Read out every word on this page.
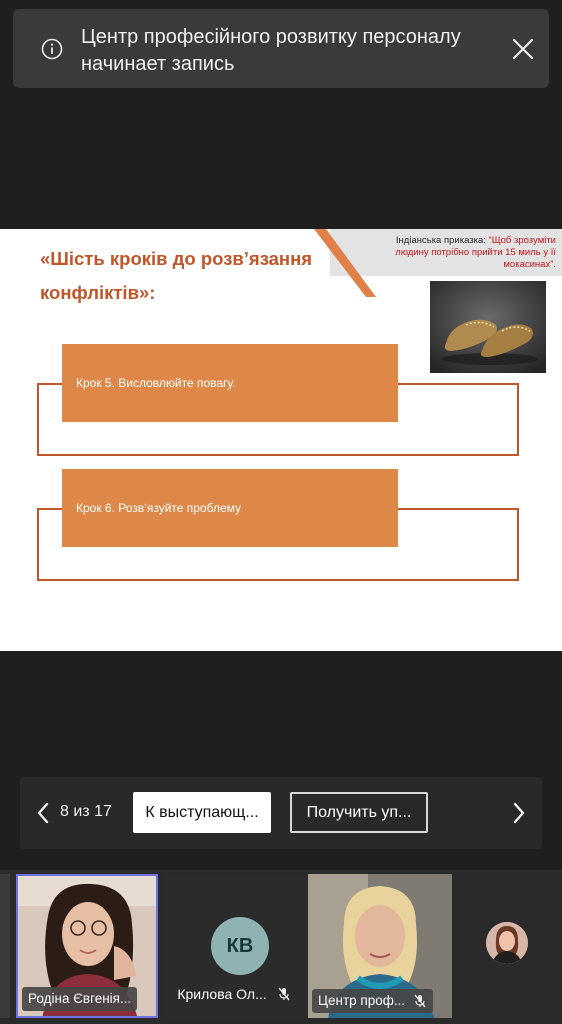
Центр професійного розвитку персоналу начинает запись
Індіанська приказка: “Щоб зрозуміти людину потрібно прийти 15 миль у її мокасинах”.
«Шість кроків до розв’язання конфліктів»:
Крок 5. Висловлюйте повагу.
Крок 6. Розв’язуйте проблему
8 из 17	К выступающ...	Получить уп...
Родіна Євгенія...
КВ
Крилова Ол...	Центр проф...
